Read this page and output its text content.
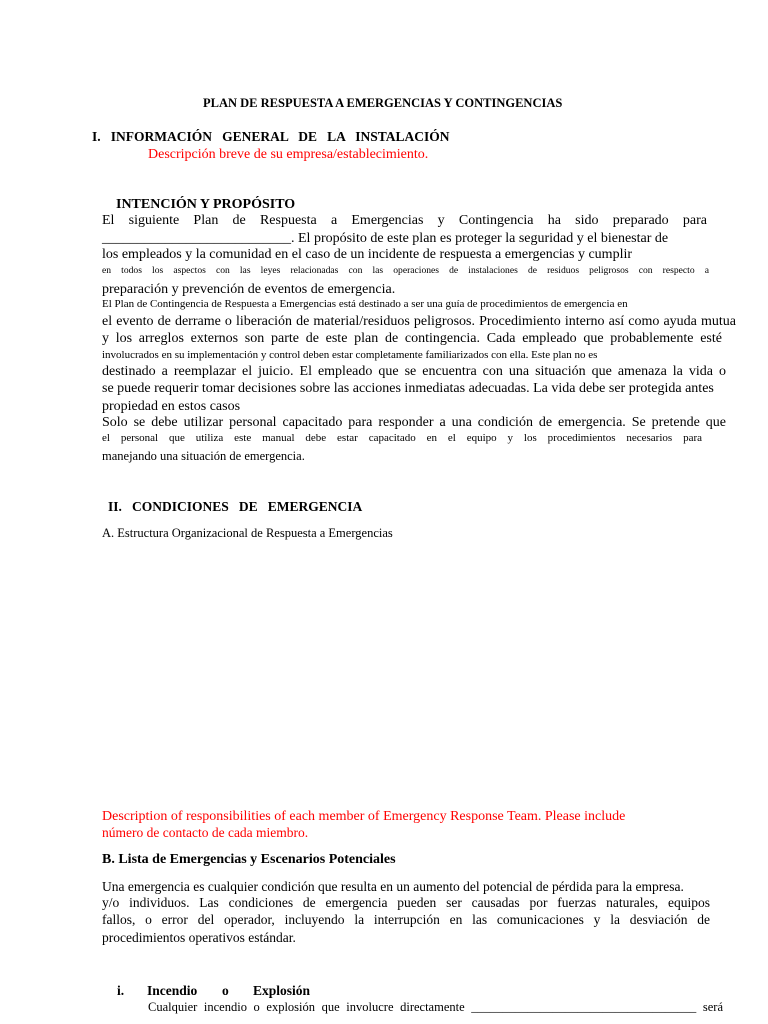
PLAN DE RESPUESTA A EMERGENCIAS Y CONTINGENCIAS
I.   INFORMACIÓN   GENERAL   DE   LA   INSTALACIÓN
Descripción breve de su empresa/establecimiento.
INTENCIÓN Y PROPÓSITO
El siguiente Plan de Respuesta a Emergencias y Contingencia ha sido preparado para
___________________________. El propósito de este plan es proteger la seguridad y el bienestar de
los empleados y la comunidad en el caso de un incidente de respuesta a emergencias y cumplir
en todos los aspectos con las leyes relacionadas con las operaciones de instalaciones de residuos peligrosos con respecto a
preparación y prevención de eventos de emergencia.
El Plan de Contingencia de Respuesta a Emergencias está destinado a ser una guía de procedimientos de emergencia en
el evento de derrame o liberación de material/residuos peligrosos. Procedimiento interno así como ayuda mutua
y los arreglos externos son parte de este plan de contingencia. Cada empleado que probablemente esté
involucrados en su implementación y control deben estar completamente familiarizados con ella. Este plan no es
destinado a reemplazar el juicio. El empleado que se encuentra con una situación que amenaza la vida o
se puede requerir tomar decisiones sobre las acciones inmediatas adecuadas. La vida debe ser protegida antes
propiedad en estos casos
Solo se debe utilizar personal capacitado para responder a una condición de emergencia. Se pretende que
el personal que utiliza este manual debe estar capacitado en el equipo y los procedimientos necesarios para
manejando una situación de emergencia.
II.   CONDICIONES   DE   EMERGENCIA
A. Estructura Organizacional de Respuesta a Emergencias
Description of responsibilities of each member of Emergency Response Team. Please include
número de contacto de cada miembro.
B. Lista de Emergencias y Escenarios Potenciales
Una emergencia es cualquier condición que resulta en un aumento del potencial de pérdida para la empresa.
y/o individuos. Las condiciones de emergencia pueden ser causadas por fuerzas naturales, equipos
fallos, o error del operador, incluyendo la interrupción en las comunicaciones y la desviación de
procedimientos operativos estándar.
i. Incendio o Explosión
Cualquier incendio o explosión que involucre directamente ____________________________________ será
